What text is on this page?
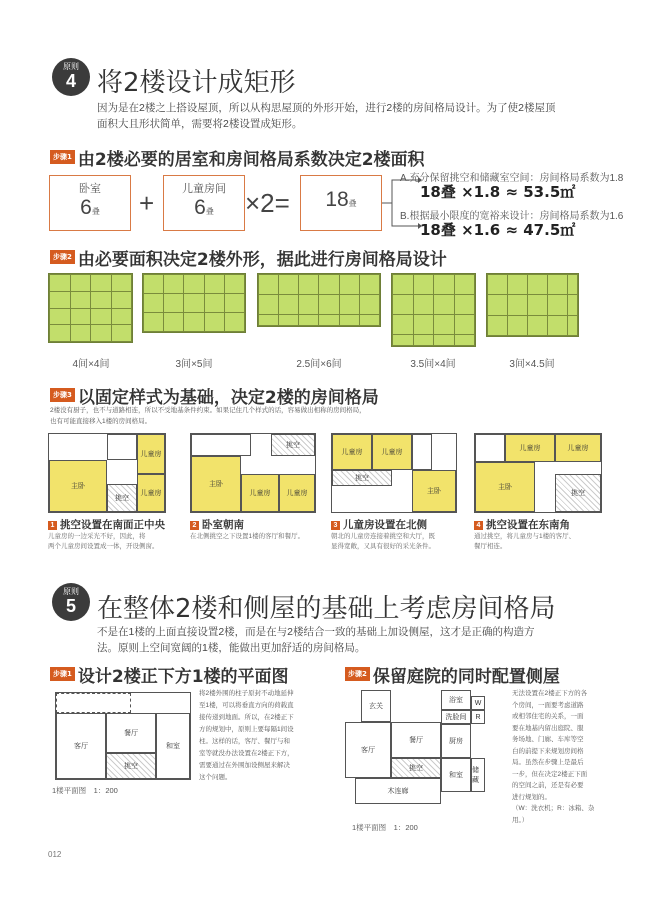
原则
4 将2楼设计成矩形
因为是在2楼之上搭设屋顶，所以从构思屋顶的外形开始，进行2楼的房间格局设计。为了使2楼屋顶
面积大且形状简单，需要将2楼设置成矩形。
步骤1 由2楼必要的居室和房间格局系数决定2楼面积
卧室
6叠	+	儿童房间
6叠	×2=	18叠
A.充分保留挑空和储藏室空间：房间格局系数为1.8
18叠 ×1.8 ≈ 53.5㎡
B.根据最小限度的宽裕来设计：房间格局系数为1.6
18叠 ×1.6 ≈ 47.5㎡
步骤2 由必要面积决定2楼外形，据此进行房间格局设计
4间×4间	3间×5间	2.5间×6间	3.5间×4间	3间×4.5间
步骤3 以固定样式为基础，决定2楼的房间格局
2楼没有厨子，也不与道路相连，所以不受地基条件约束。如果记住几个样式的话，容易做出相称的房间格局，
也有可能直接移入1楼的房间格局。
主卧
儿童房
儿童房
挑空
挑空
主卧
儿童房	儿童房
儿童房	儿童房
挑空
主卧
儿童房	儿童房
主卧
挑空
1 挑空设置在南面正中央
儿童房的一边采光不好，因此，将
两个儿童房间设置成一体，开设侧窗。
2 卧室朝南
在北侧挑空之下设置1楼的客厅和餐厅。
3 儿童房设置在北侧
朝北的儿童房连接着挑空和大厅，既
显得宽敞，又具有很好的采光条件。
4 挑空设置在东南角
通过挑空，将儿童房与1楼的客厅、
餐厅相连。
原则
5 在整体2楼和侧屋的基础上考虑房间格局
不是在1楼的上面直接设置2楼，而是在与2楼结合一致的基础上加设侧屋，这才是正确的构造方
法。原则上空间宽阔的1楼，能做出更加舒适的房间格局。
步骤1 设计2楼正下方1楼的平面图
客厅
餐厅
和室
挑空
1楼平面图　1：200
将2楼外围的柱子原封不动地延伸
至1楼，可以将垂直方向的荷载直
接传递到地面。所以，在2楼正下
方的规划中，原则上要每隔1间设
柱。这样的话，客厅、餐厅与和
室等就没办法设置在2楼正下方，
需要通过在外围加设侧屋来解决
这个问题。
步骤2 保留庭院的同时配置侧屋
玄关
浴室
洗脸间
W
R
客厅
餐厅	厨房
挑空
和室
储藏
木连廊
1楼平面图　1：200
无法设置在2楼正下方的各
个房间，一面要考虑道路
或相邻住宅的关系，一面
要在地基内留出庭院、服
务场地、门廊、车库等空
白的前提下来规划房间格
局。虽然在步骤上是最后
一步，但在决定2楼正下面
的空间之前，还是有必要
进行规划的。
（W：洗衣机；R：冰箱、杂
用。）
012
